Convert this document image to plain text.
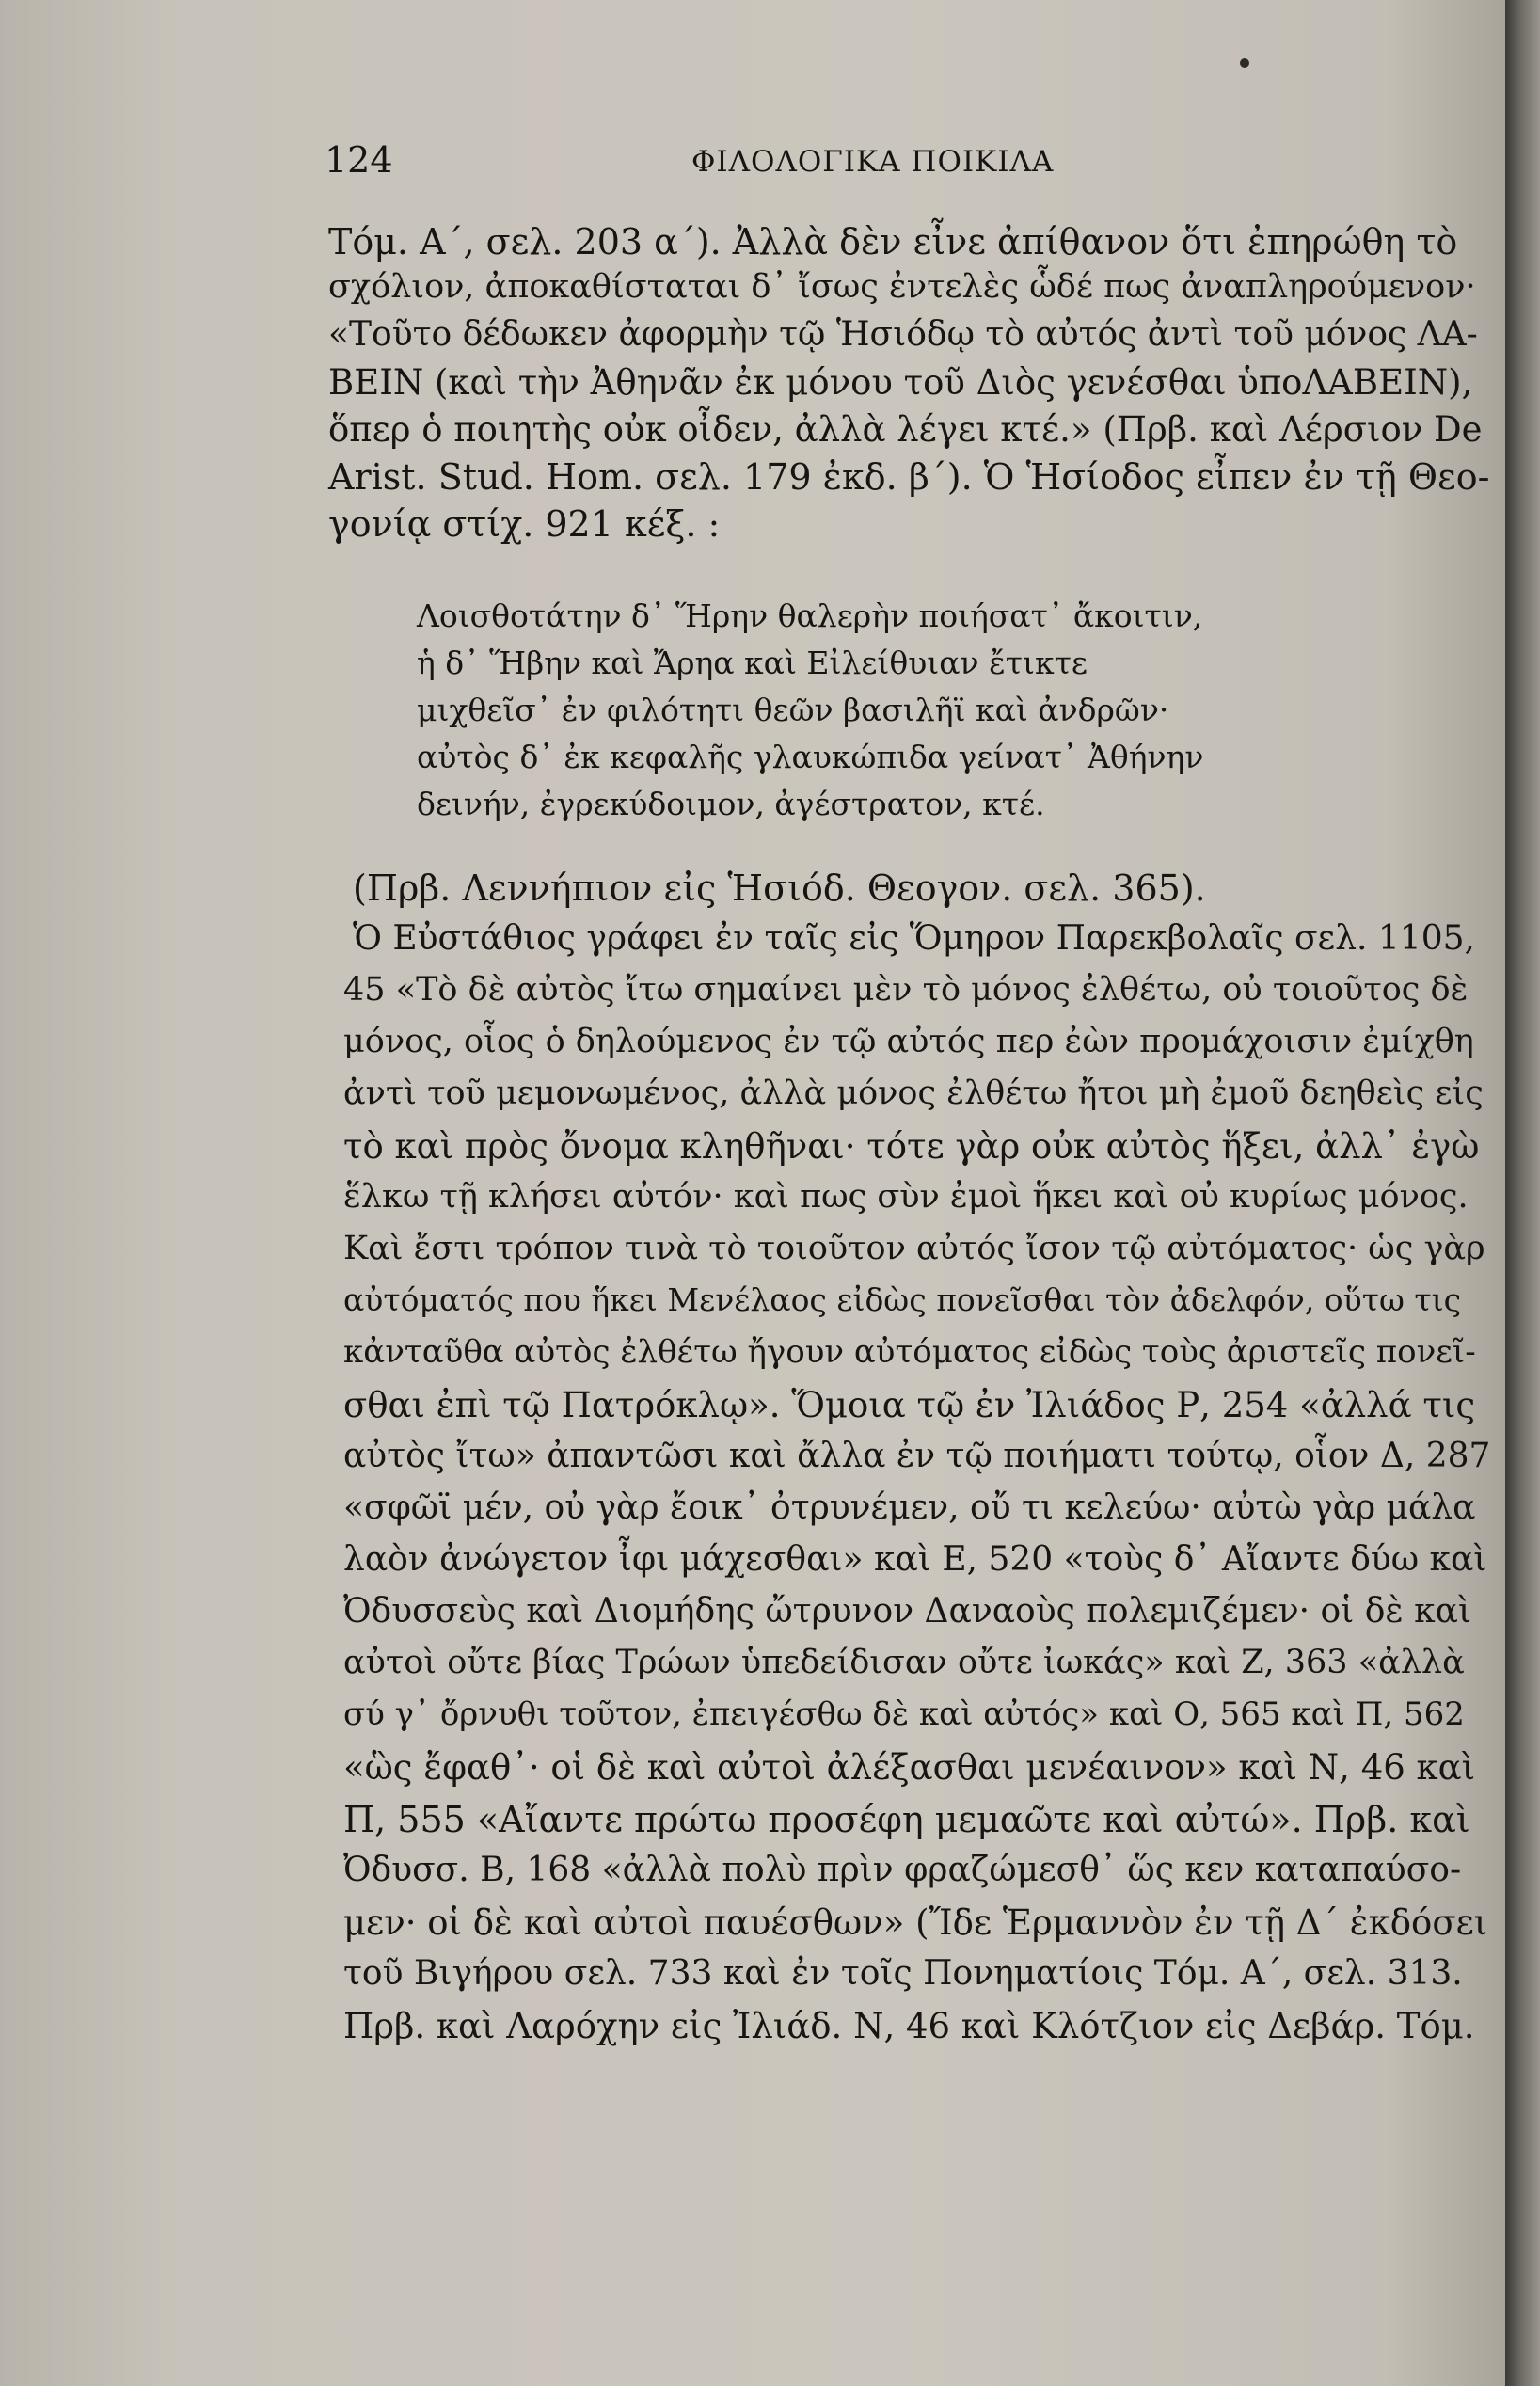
124	ΦΙΛΟΛΟΓΙΚΑ ΠΟΙΚΙΛΑ
Τόμ. Α΄, σελ. 203 α΄). Ἀλλὰ δὲν εἶνε ἀπίθανον ὅτι ἐπηρώθη τὸ
σχόλιον, ἀποκαθίσταται δ᾿ ἴσως ἐντελὲς ὧδέ πως ἀναπληρούμενον·
«Τοῦτο δέδωκεν ἀφορμὴν τῷ Ἡσιόδῳ τὸ αὐτός ἀντὶ τοῦ μόνος ΛΑ-
ΒΕΙΝ (καὶ τὴν Ἀθηνᾶν ἐκ μόνου τοῦ Διὸς γενέσθαι ὑποΛΑΒΕΙΝ),
ὅπερ ὁ ποιητὴς οὐκ οἶδεν, ἀλλὰ λέγει κτέ.» (Πρβ. καὶ Λέρσιον De
Arist. Stud. Hom. σελ. 179 ἐκδ. β΄). Ὁ Ἡσίοδος εἶπεν ἐν τῇ Θεο-
γονίᾳ στίχ. 921 κέξ. :
Λοισθοτάτην δ᾿ Ἥρην θαλερὴν ποιήσατ᾿ ἄκοιτιν,
ἡ δ᾿ Ἥβην καὶ Ἄρηα καὶ Εἰλείθυιαν ἔτικτε
μιχθεῖσ᾿ ἐν φιλότητι θεῶν βασιλῆϊ καὶ ἀνδρῶν·
αὐτὸς δ᾿ ἐκ κεφαλῆς γλαυκώπιδα γείνατ᾿ Ἀθήνην
δεινήν, ἐγρεκύδοιμον, ἀγέστρατον, κτέ.
(Πρβ. Λεννήπιον εἰς Ἡσιόδ. Θεογον. σελ. 365).
Ὁ Εὐστάθιος γράφει ἐν ταῖς εἰς Ὅμηρον Παρεκβολαῖς σελ. 1105,
45 «Τὸ δὲ αὐτὸς ἴτω σημαίνει μὲν τὸ μόνος ἐλθέτω, οὐ τοιοῦτος δὲ
μόνος, οἷος ὁ δηλούμενος ἐν τῷ αὐτός περ ἐὼν προμάχοισιν ἐμίχθη
ἀντὶ τοῦ μεμονωμένος, ἀλλὰ μόνος ἐλθέτω ἤτοι μὴ ἐμοῦ δεηθεὶς εἰς
τὸ καὶ πρὸς ὄνομα κληθῆναι· τότε γὰρ οὐκ αὐτὸς ἥξει, ἀλλ᾿ ἐγὼ
ἕλκω τῇ κλήσει αὐτόν· καὶ πως σὺν ἐμοὶ ἥκει καὶ οὐ κυρίως μόνος.
Καὶ ἔστι τρόπον τινὰ τὸ τοιοῦτον αὐτός ἴσον τῷ αὐτόματος· ὡς γὰρ
αὐτόματός που ἥκει Μενέλαος εἰδὼς πονεῖσθαι τὸν ἀδελφόν, οὕτω τις
κἀνταῦθα αὐτὸς ἐλθέτω ἤγουν αὐτόματος εἰδὼς τοὺς ἀριστεῖς πονεῖ-
σθαι ἐπὶ τῷ Πατρόκλῳ». Ὅμοια τῷ ἐν Ἰλιάδος Ρ, 254 «ἀλλά τις
αὐτὸς ἴτω» ἀπαντῶσι καὶ ἄλλα ἐν τῷ ποιήματι τούτῳ, οἷον Δ, 287
«σφῶϊ μέν, οὐ γὰρ ἔοικ᾿ ὀτρυνέμεν, οὔ τι κελεύω· αὐτὼ γὰρ μάλα
λαὸν ἀνώγετον ἶφι μάχεσθαι» καὶ Ε, 520 «τοὺς δ᾿ Αἴαντε δύω καὶ
Ὀδυσσεὺς καὶ Διομήδης ὤτρυνον Δαναοὺς πολεμιζέμεν· οἱ δὲ καὶ
αὐτοὶ οὔτε βίας Τρώων ὑπεδείδισαν οὔτε ἰωκάς» καὶ Ζ, 363 «ἀλλὰ
σύ γ᾿ ὄρνυθι τοῦτον, ἐπειγέσθω δὲ καὶ αὐτός» καὶ Ο, 565 καὶ Π, 562
«ὣς ἔφαθ᾿· οἱ δὲ καὶ αὐτοὶ ἀλέξασθαι μενέαινον» καὶ Ν, 46 καὶ
Π, 555 «Αἴαντε πρώτω προσέφη μεμαῶτε καὶ αὐτώ». Πρβ. καὶ
Ὀδυσσ. Β, 168 «ἀλλὰ πολὺ πρὶν φραζώμεσθ᾿ ὥς κεν καταπαύσο-
μεν· οἱ δὲ καὶ αὐτοὶ παυέσθων» (Ἴδε Ἑρμαννὸν ἐν τῇ Δ΄ ἐκδόσει
τοῦ Βιγήρου σελ. 733 καὶ ἐν τοῖς Πονηματίοις Τόμ. Α΄, σελ. 313.
Πρβ. καὶ Λαρόχην εἰς Ἰλιάδ. Ν, 46 καὶ Κλότζιον εἰς Δεβάρ. Τόμ.
